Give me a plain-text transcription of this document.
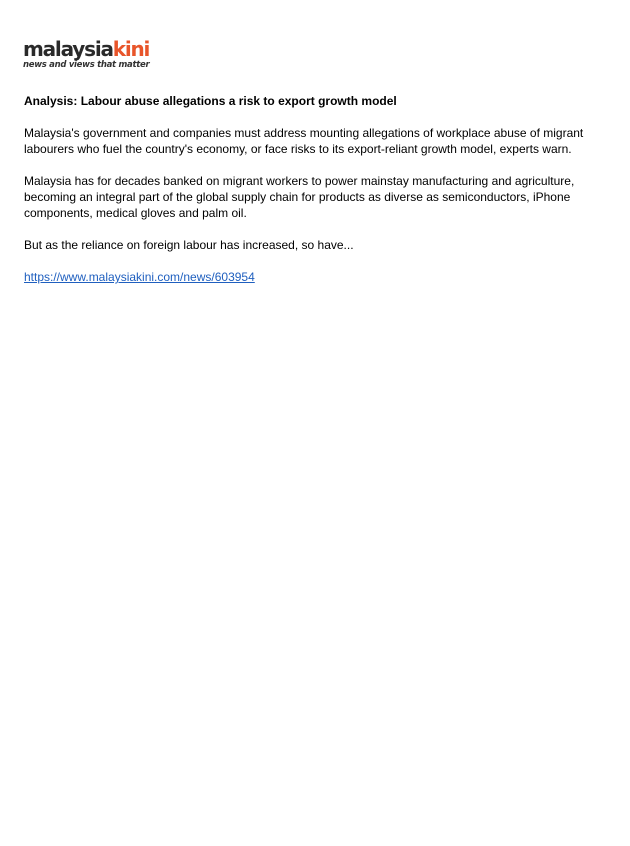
malaysiakini
news and views that matter
Analysis: Labour abuse allegations a risk to export growth model

Malaysia's government and companies must address mounting allegations of workplace abuse of migrant labourers who fuel the country's economy, or face risks to its export-reliant growth model, experts warn.

Malaysia has for decades banked on migrant workers to power mainstay manufacturing and agriculture, becoming an integral part of the global supply chain for products as diverse as semiconductors, iPhone components, medical gloves and palm oil.

But as the reliance on foreign labour has increased, so have...

https://www.malaysiakini.com/news/603954
